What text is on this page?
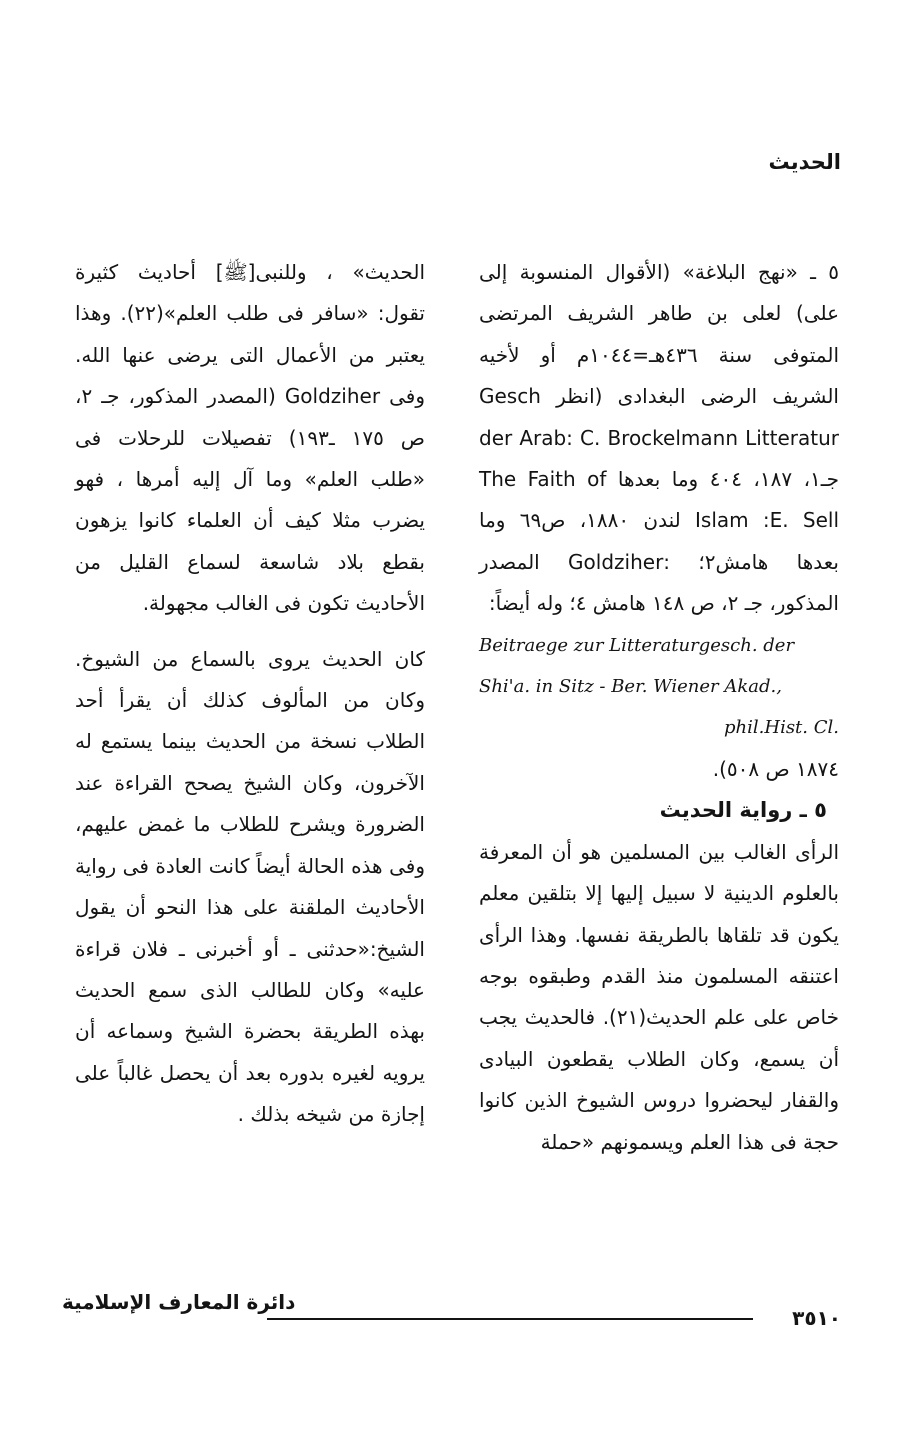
الحديث

٥ ـ «نهج البلاغة» (الأقوال المنسوبة إلى على) لعلى بن طاهر الشريف المرتضى المتوفى سنة ٤٣٦هـ=١٠٤٤م أو لأخيه الشريف الرضى البغدادى (انظر Gesch der Arab: C. Brockelmann Litteratur جـ١، ١٨٧، ٤٠٤ وما بعدها The Faith of Islam :E. Sell لندن ١٨٨٠، ص٦٩ وما بعدها هامش٢؛ :Goldziher المصدر المذكور، جـ ٢، ص ١٤٨ هامش ٤؛ وله أيضاً:

Beitraege zur Litteraturgesch. der Shi'a. in Sitz - Ber. Wiener Akad., phil.Hist. Cl.

١٨٧٤ ص ٥٠٨).

٥ ـ رواية الحديث

الرأى الغالب بين المسلمين هو أن المعرفة بالعلوم الدينية لا سبيل إليها إلا بتلقين معلم يكون قد تلقاها بالطريقة نفسها. وهذا الرأى اعتنقه المسلمون منذ القدم وطبقوه بوجه خاص على علم الحديث(٢١). فالحديث يجب أن يسمع، وكان الطلاب يقطعون البيادى والقفار ليحضروا دروس الشيوخ الذين كانوا حجة فى هذا العلم ويسمونهم «حملة

الحديث» ، وللنبى[ﷺ] أحاديث كثيرة تقول: «سافر فى طلب العلم»(٢٢). وهذا يعتبر من الأعمال التى يرضى عنها الله. وفى Goldziher (المصدر المذكور، جـ ٢، ص ١٧٥ ـ١٩٣) تفصيلات للرحلات فى «طلب العلم» وما آل إليه أمرها ، فهو يضرب مثلا كيف أن العلماء كانوا يزهون بقطع بلاد شاسعة لسماع القليل من الأحاديث تكون فى الغالب مجهولة.

كان الحديث يروى بالسماع من الشيوخ. وكان من المألوف كذلك أن يقرأ أحد الطلاب نسخة من الحديث بينما يستمع له الآخرون، وكان الشيخ يصحح القراءة عند الضرورة ويشرح للطلاب ما غمض عليهم، وفى هذه الحالة أيضاً كانت العادة فى رواية الأحاديث الملقنة على هذا النحو أن يقول الشيخ:«حدثنى ـ أو أخبرنى ـ فلان قراءة عليه» وكان للطالب الذى سمع الحديث بهذه الطريقة بحضرة الشيخ وسماعه أن يرويه لغيره بدوره بعد أن يحصل غالباً على إجازة من شيخه بذلك .

دائرة المعارف الإسلامية
٣٥١٠
